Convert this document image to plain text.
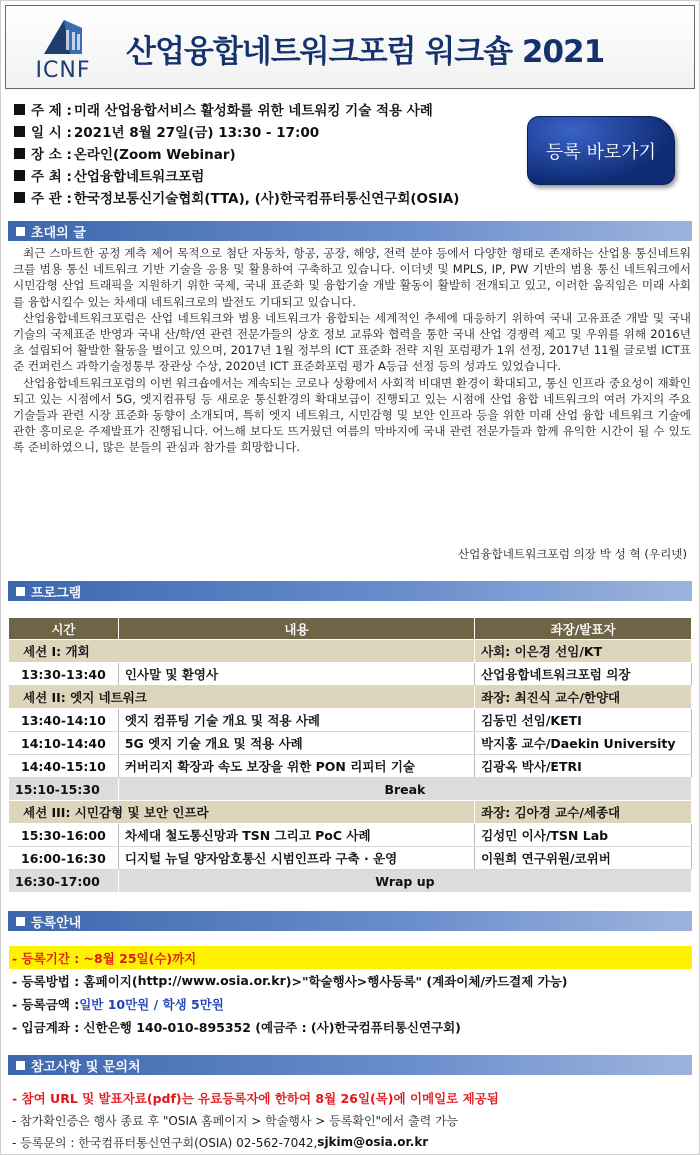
ICNF
산업융합네트워크포럼 워크숍 2021
주 제 : 미래 산업융합서비스 활성화를 위한 네트워킹 기술 적용 사례
일 시 : 2021년 8월 27일(금) 13:30 - 17:00
장 소 : 온라인(Zoom Webinar)
주 최 : 산업융합네트워크포럼
주 관 : 한국정보통신기술협회(TTA), (사)한국컴퓨터통신연구회(OSIA)
등록 바로가기
초대의 글

최근 스마트한 공정 계측 제어 목적으로 첨단 자동차, 항공, 공장, 해양, 전력 분야 등에서 다양한 형태로 존재하는 산업용 통신네트워크를 범용 통신 네트워크 기반 기술을 응용 및 활용하여 구축하고 있습니다. 이더넷 및 MPLS, IP, PW 기반의 범용 통신 네트워크에서 시민감형 산업 트래픽을 지원하기 위한 국제, 국내 표준화 및 융합기술 개발 활동이 활발히 전개되고 있고, 이러한 움직임은 미래 사회를 융합시킬수 있는 차세대 네트워크로의 발전도 기대되고 있습니다.

산업융합네트워크포럼은 산업 네트워크와 범용 네트워크가 융합되는 세계적인 추세에 대응하기 위하여 국내 고유표준 개발 및 국내 기술의 국제표준 반영과 국내 산/학/연 관련 전문가들의 상호 정보 교류와 협력을 통한 국내 산업 경쟁력 제고 및 우위를 위해 2016년 초 설립되어 활발한 활동을 벌이고 있으며, 2017년 1월 정부의 ICT 표준화 전략 지원 포럼평가 1위 선정, 2017년 11월 글로벌 ICT표준 컨퍼런스 과학기술정통부 장관상 수상, 2020년 ICT 표준화포럼 평가 A등급 선정 등의 성과도 있었습니다.

산업융합네트워크포럼의 이번 워크숍에서는 계속되는 코로나 상황에서 사회적 비대면 환경이 확대되고, 통신 인프라 중요성이 재확인되고 있는 시점에서 5G, 엣지컴퓨팅 등 새로운 통신환경의 확대보급이 진행되고 있는 시점에 산업 융합 네트워크의 여러 가지의 주요 기술들과 관련 시장 표준화 동향이 소개되며, 특히 엣지 네트워크, 시민감형 및 보안 인프라 등을 위한 미래 산업 융합 네트워크 기술에 관한 흥미로운 주제발표가 진행됩니다. 어느해 보다도 뜨거웠던 여름의 막바지에 국내 관련 전문가들과 함께 유익한 시간이 될 수 있도록 준비하였으니, 많은 분들의 관심과 참가를 희망합니다.

산업융합네트워크포럼 의장 박 성 혁 (우리넷)
프로그램
시간	내용	좌장/발표자
세션 I: 개회		사회: 이은경 선임/KT
13:30-13:40	인사말 및 환영사	산업융합네트워크포럼 의장
세션 II: 엣지 네트워크		좌장: 최진식 교수/한양대
13:40-14:10	엣지 컴퓨팅 기술 개요 및 적용 사례	김동민 선임/KETI
14:10-14:40	5G 엣지 기술 개요 및 적용 사례	박지홍 교수/Daekin University
14:40-15:10	커버리지 확장과 속도 보장을 위한 PON 리피터 기술	김광옥 박사/ETRI
15:10-15:30	Break	
세션 III: 시민감형 및 보안 인프라		좌장: 김아경 교수/세종대
15:30-16:00	차세대 철도통신망과 TSN 그리고 PoC 사례	김성민 이사/TSN Lab
16:00-16:30	디지털 뉴딜 양자암호통신 시범인프라 구축 · 운영	이원희 연구위원/코위버
16:30-17:00	Wrap up	
등록안내
- 등록기간 : ~8월 25일(수)까지
- 등록방법 : 홈페이지( http://www.osia.or.kr )>"학술행사>행사등록" (계좌이체/카드결제 가능)
- 등록금액 : 일반 10만원 / 학생 5만원
- 입금계좌 : 신한은행 140-010-895352 (예금주 : (사)한국컴퓨터통신연구회)
참고사항 및 문의처
- 참여 URL 및 발표자료(pdf)는 유료등록자에 한하여 8월 26일(목)에 이메일로 제공됨
- 참가확인증은 행사 종료 후 "OSIA 홈페이지 > 학술행사 > 등록확인"에서 출력 가능
- 등록문의 : 한국컴퓨터통신연구회(OSIA) 02-562-7042, sjkim@osia.or.kr
